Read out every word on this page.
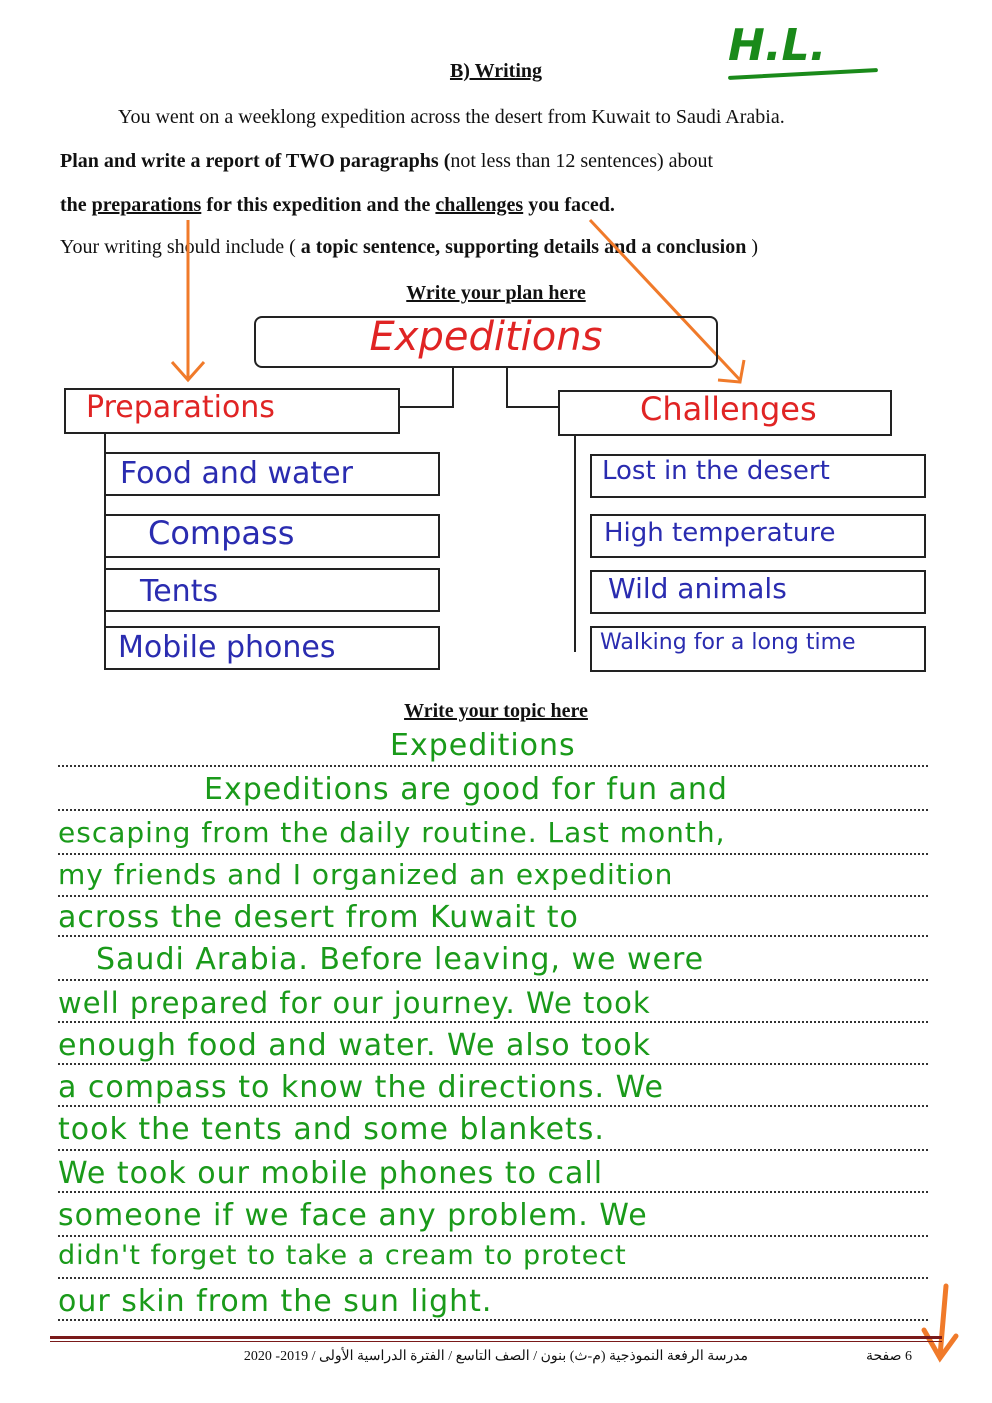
H.L.
B) Writing
You went on a weeklong expedition across the desert from Kuwait to Saudi Arabia.
Plan and write a report of TWO paragraphs (not less than 12 sentences) about
the preparations for this expedition and the challenges you faced.
Your writing should include ( a topic sentence, supporting details and a conclusion )
Write your plan here
Expeditions
Preparations	Challenges
Food and water
Compass
Tents
Mobile phones
Lost in the desert
High temperature
Wild animals
Walking for a long time
Write your topic here
Expeditions
Expeditions are good for fun and
escaping from the daily routine. Last month,
my friends and I organized an expedition
across the desert from Kuwait to
Saudi Arabia. Before leaving, we were
well prepared for our journey. We took
enough food and water. We also took
a compass to know the directions. We
took the tents and some blankets.
We took our mobile phones to call
someone if we face any problem. We
didn't forget to take a cream to protect
our skin from the sun light.
مدرسة الرفعة النموذجية (م-ث) بنون / الصف التاسع / الفترة الدراسية الأولى / 2019- 2020	6 صفحة
